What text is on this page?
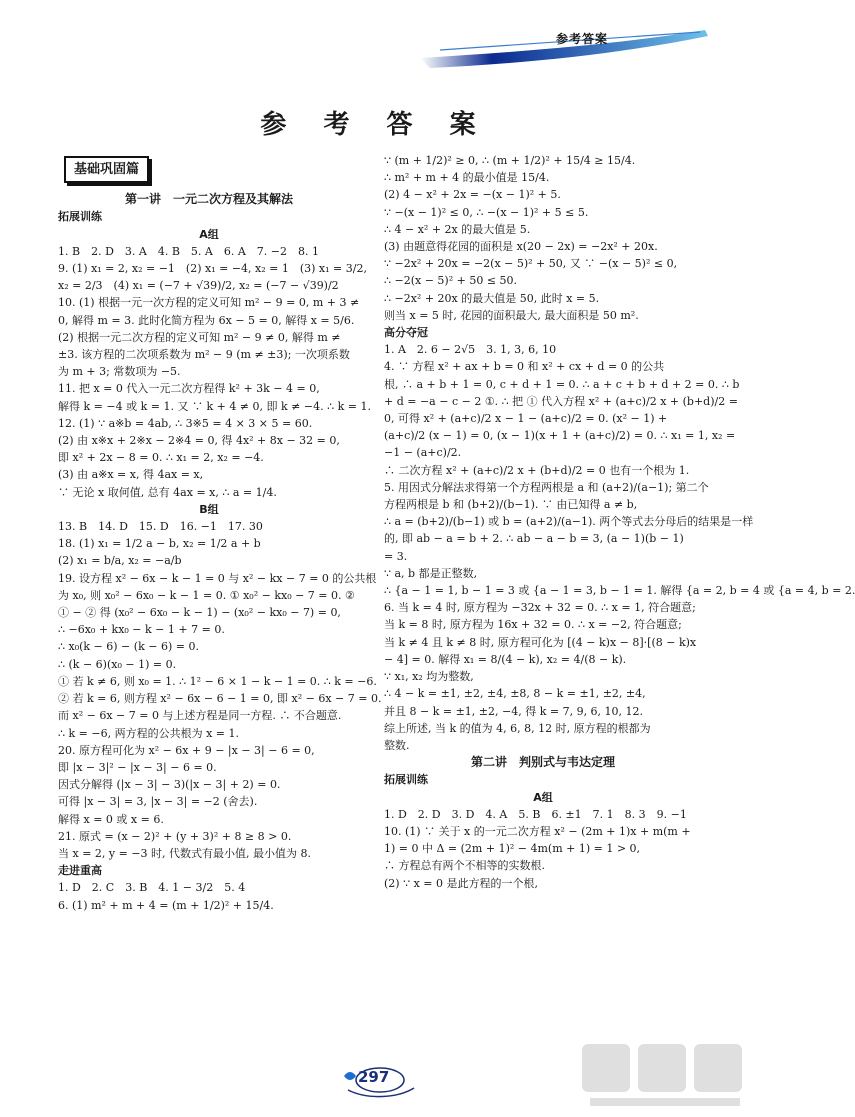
参考答案
参 考 答 案
基础巩固篇
第一讲　一元二次方程及其解法
拓展训练
A组
1. B　2. D　3. A　4. B　5. A　6. A　7. −2　8. 1
9. (1) x₁ = 2, x₂ = −1　(2) x₁ = −4, x₂ = 1　(3) x₁ = 3/2,
x₂ = 2/3　(4) x₁ = (−7 + √39)/2, x₂ = (−7 − √39)/2
10. (1) 根据一元一次方程的定义可知 m² − 9 = 0, m + 3 ≠
0, 解得 m = 3. 此时化简方程为 6x − 5 = 0, 解得 x = 5/6.
(2) 根据一元二次方程的定义可知 m² − 9 ≠ 0, 解得 m ≠
±3. 该方程的二次项系数为 m² − 9 (m ≠ ±3); 一次项系数
为 m + 3; 常数项为 −5.
11. 把 x = 0 代入一元二次方程得 k² + 3k − 4 = 0,
解得 k = −4 或 k = 1. 又 ∵ k + 4 ≠ 0, 即 k ≠ −4. ∴ k = 1.
12. (1) ∵ a※b = 4ab, ∴ 3※5 = 4 × 3 × 5 = 60.
(2) 由 x※x + 2※x − 2※4 = 0, 得 4x² + 8x − 32 = 0,
即 x² + 2x − 8 = 0. ∴ x₁ = 2, x₂ = −4.
(3) 由 a※x = x, 得 4ax = x,
∵ 无论 x 取何值, 总有 4ax = x, ∴ a = 1/4.
B组
13. B　14. D　15. D　16. −1　17. 30
18. (1) x₁ = 1/2 a − b, x₂ = 1/2 a + b
(2) x₁ = b/a, x₂ = −a/b
19. 设方程 x² − 6x − k − 1 = 0 与 x² − kx − 7 = 0 的公共根
为 x₀, 则 x₀² − 6x₀ − k − 1 = 0. ① x₀² − kx₀ − 7 = 0. ②
① − ② 得 (x₀² − 6x₀ − k − 1) − (x₀² − kx₀ − 7) = 0,
∴ −6x₀ + kx₀ − k − 1 + 7 = 0.
∴ x₀(k − 6) − (k − 6) = 0.
∴ (k − 6)(x₀ − 1) = 0.
① 若 k ≠ 6, 则 x₀ = 1. ∴ 1² − 6 × 1 − k − 1 = 0. ∴ k = −6.
② 若 k = 6, 则方程 x² − 6x − 6 − 1 = 0, 即 x² − 6x − 7 = 0.
而 x² − 6x − 7 = 0 与上述方程是同一方程. ∴ 不合题意.
∴ k = −6, 两方程的公共根为 x = 1.
20. 原方程可化为 x² − 6x + 9 − |x − 3| − 6 = 0,
即 |x − 3|² − |x − 3| − 6 = 0.
因式分解得 (|x − 3| − 3)(|x − 3| + 2) = 0.
可得 |x − 3| = 3, |x − 3| = −2 (舍去).
解得 x = 0 或 x = 6.
21. 原式 = (x − 2)² + (y + 3)² + 8 ≥ 8 > 0.
当 x = 2, y = −3 时, 代数式有最小值, 最小值为 8.
走进重高
1. D　2. C　3. B　4. 1 − 3/2　5. 4
6. (1) m² + m + 4 = (m + 1/2)² + 15/4.
∵ (m + 1/2)² ≥ 0, ∴ (m + 1/2)² + 15/4 ≥ 15/4.
∴ m² + m + 4 的最小值是 15/4.
(2) 4 − x² + 2x = −(x − 1)² + 5.
∵ −(x − 1)² ≤ 0, ∴ −(x − 1)² + 5 ≤ 5.
∴ 4 − x² + 2x 的最大值是 5.
(3) 由题意得花园的面积是 x(20 − 2x) = −2x² + 20x.
∵ −2x² + 20x = −2(x − 5)² + 50, 又 ∵ −(x − 5)² ≤ 0,
∴ −2(x − 5)² + 50 ≤ 50.
∴ −2x² + 20x 的最大值是 50, 此时 x = 5.
则当 x = 5 时, 花园的面积最大, 最大面积是 50 m².
高分夺冠
1. A　2. 6 − 2√5　3. 1, 3, 6, 10
4. ∵ 方程 x² + ax + b = 0 和 x² + cx + d = 0 的公共
根, ∴ a + b + 1 = 0, c + d + 1 = 0. ∴ a + c + b + d + 2 = 0. ∴ b
+ d = −a − c − 2 ①. ∴ 把 ① 代入方程 x² + (a+c)/2 x + (b+d)/2 =
0, 可得 x² + (a+c)/2 x − 1 − (a+c)/2 = 0. (x² − 1) +
(a+c)/2 (x − 1) = 0, (x − 1)(x + 1 + (a+c)/2) = 0. ∴ x₁ = 1, x₂ =
−1 − (a+c)/2.
∴ 二次方程 x² + (a+c)/2 x + (b+d)/2 = 0 也有一个根为 1.
5. 用因式分解法求得第一个方程两根是 a 和 (a+2)/(a−1); 第二个
方程两根是 b 和 (b+2)/(b−1). ∵ 由已知得 a ≠ b,
∴ a = (b+2)/(b−1) 或 b = (a+2)/(a−1). 两个等式去分母后的结果是一样
的, 即 ab − a = b + 2. ∴ ab − a − b = 3, (a − 1)(b − 1)
= 3.
∵ a, b 都是正整数,
∴ {a − 1 = 1, b − 1 = 3 或 {a − 1 = 3, b − 1 = 1. 解得 {a = 2, b = 4 或 {a = 4, b = 2.
6. 当 k = 4 时, 原方程为 −32x + 32 = 0. ∴ x = 1, 符合题意;
当 k = 8 时, 原方程为 16x + 32 = 0. ∴ x = −2, 符合题意;
当 k ≠ 4 且 k ≠ 8 时, 原方程可化为 [(4 − k)x − 8]·[(8 − k)x
− 4] = 0. 解得 x₁ = 8/(4 − k), x₂ = 4/(8 − k).
∵ x₁, x₂ 均为整数,
∴ 4 − k = ±1, ±2, ±4, ±8, 8 − k = ±1, ±2, ±4,
并且 8 − k = ±1, ±2, −4, 得 k = 7, 9, 6, 10, 12.
综上所述, 当 k 的值为 4, 6, 8, 12 时, 原方程的根都为
整数.
第二讲　判别式与韦达定理
拓展训练
A组
1. D　2. D　3. D　4. A　5. B　6. ±1　7. 1　8. 3　9. −1
10. (1) ∵ 关于 x 的一元二次方程 x² − (2m + 1)x + m(m +
1) = 0 中 Δ = (2m + 1)² − 4m(m + 1) = 1 > 0,
∴ 方程总有两个不相等的实数根.
(2) ∵ x = 0 是此方程的一个根,
297
